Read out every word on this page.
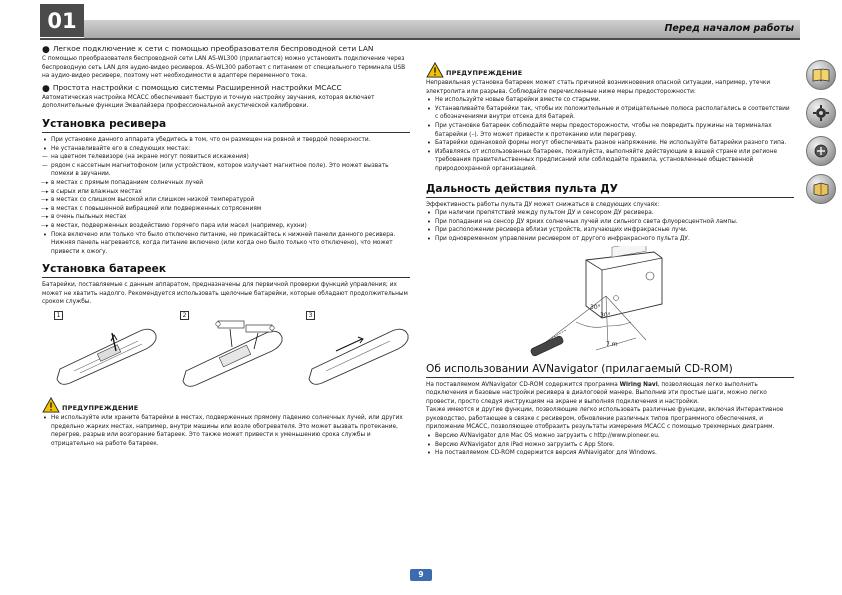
01	Перед началом работы

● Легкое подключение к сети с помощью преобразователя беспроводной сети LAN

С помощью преобразователя беспроводной сети LAN AS-WL300 (прилагается) можно установить подключение через беспроводную сеть LAN для аудио-видео ресиверов. AS-WL300 работает с питанием от специального терминала USB на аудио-видео ресивере, поэтому нет необходимости в адаптере переменного тока.

● Простота настройки с помощью системы Расширенной настройки MCACC

Автоматическая настройка MCACC обеспечивает быструю и точную настройку звучания, которая включает дополнительные функции Эквалайзера профессиональной акустической калибровки.

Установка ресивера
• При установке данного аппарата убедитесь в том, что он размещен на ровной и твердой поверхности.
• Не устанавливайте его в следующих местах:
— на цветном телевизоре (на экране могут появиться искажения)
— рядом с кассетным магнитофоном (или устройством, которое излучает магнитное поле). Это может вызвать помехи в звучании.
—▸ в местах с прямым попаданием солнечных лучей
—▸ в сырых или влажных местах
—▸ в местах со слишком высокой или слишком низкой температурой
—▸ в местах с повышенной вибрацией или подверженных сотрясениям
—▸ в очень пыльных местах
—▸ в местах, подверженных воздействию горячего пара или масел (например, кухни)
• Пока включено или только что было отключено питание, не прикасайтесь к нижней панели данного ресивера. Нижняя панель нагревается, когда питание включено (или когда оно было только что отключено), что может привести к ожогу.
Установка батареек

Батарейки, поставляемые с данным аппаратом, предназначены для первичной проверки функций управления; их может не хватить надолго. Рекомендуется использовать щелочные батарейки, которые обладают продолжительным сроком службы.

1	2	3
ПРЕДУПРЕЖДЕНИЕ
• Не используйте или храните батарейки в местах, подверженных прямому падению солнечных лучей, или других предельно жарких местах, например, внутри машины или возле обогревателя. Это может вызвать протекание, перегрев, разрыв или возгорание батареек. Это также может привести к уменьшению срока службы и отрицательно на работе батареек.
ПРЕДУПРЕЖДЕНИЕ

Неправильная установка батареек может стать причиной возникновения опасной ситуации, например, утечки электролита или разрыва. Соблюдайте перечисленные ниже меры предосторожности:

• Не используйте новые батарейки вместе со старыми.
• Устанавливайте батарейки так, чтобы их положительные и отрицательные полюса располагались в соответствии с обозначениями внутри отсека для батарей.
• При установке батареек соблюдайте меры предосторожности, чтобы не повредить пружины на терминалах батарейки (–). Это может привести к протеканию или перегреву.
• Батарейки одинаковой формы могут обеспечивать разное напряжение. Не используйте батарейки разного типа.
• Избавляясь от использованных батареек, пожалуйста, выполняйте действующие в вашей стране или регионе требования правительственных предписаний или соблюдайте правила, установленные общественной природоохранной организацией.
Дальность действия пульта ДУ

Эффективность работы пульта ДУ может снижаться в следующих случаях:

• При наличии препятствий между пультом ДУ и сенсором ДУ ресивера.
• При попадании на сенсор ДУ ярких солнечных лучей или сильного света флуоресцентной лампы.
• При расположении ресивера вблизи устройств, излучающих инфракрасные лучи.
• При одновременном управлении ресивером от другого инфракрасного пульта ДУ.
30°
30°
7 m
Об использовании AVNavigator (прилагаемый CD-ROM)

На поставляемом AVNavigator CD-ROM содержится программа Wiring Navi, позволяющая легко выполнить подключения и базовые настройки ресивера в диалоговой манере. Выполнив эти простые шаги, можно легко провести, просто следуя инструкциям на экране и выполняя подключения и настройки.

Также имеются и другие функции, позволяющие легко использовать различные функции, включая Интерактивное руководство, работающее в связке с ресивером, обновление различных типов программного обеспечения, и приложение MCACC, позволяющее отобразить результаты измерения MCACC с помощью трехмерных диаграмм.

• Версию AVNavigator для Mac OS можно загрузить с http://www.pioneer.eu.
• Версию AVNavigator для iPad можно загрузить с App Store.
• На поставляемом CD-ROM содержится версия AVNavigator для Windows.
9
